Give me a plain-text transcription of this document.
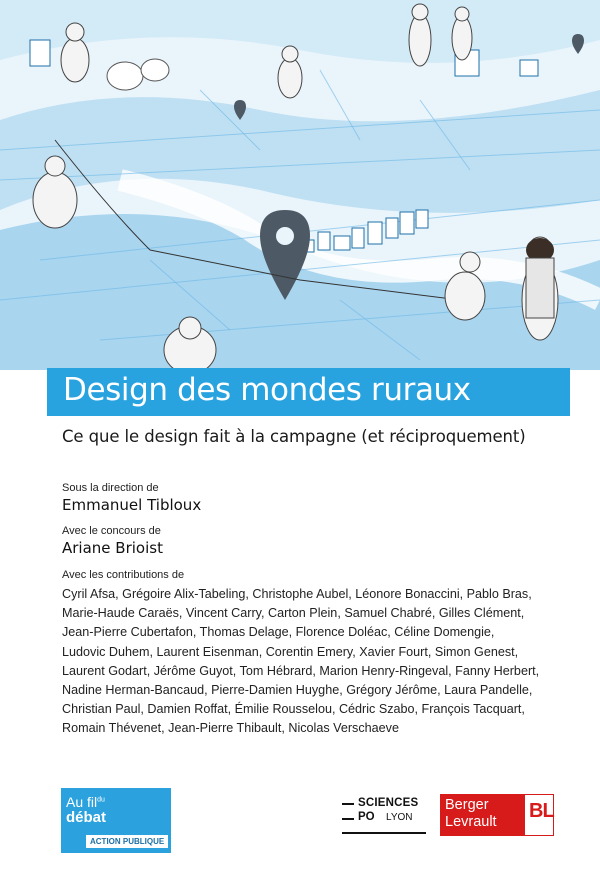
Design des mondes ruraux
Ce que le design fait à la campagne (et réciproquement)
Sous la direction de
Emmanuel Tibloux
Avec le concours de
Ariane Brioist
Avec les contributions de
Cyril Afsa, Grégoire Alix-Tabeling, Christophe Aubel, Léonore Bonaccini, Pablo Bras,
Marie-Haude Caraës, Vincent Carry, Carton Plein, Samuel Chabré, Gilles Clément,
Jean-Pierre Cubertafon, Thomas Delage, Florence Doléac, Céline Domengie,
Ludovic Duhem, Laurent Eisenman, Corentin Emery, Xavier Fourt, Simon Genest,
Laurent Godart, Jérôme Guyot, Tom Hébrard, Marion Henry-Ringeval, Fanny Herbert,
Nadine Herman-Bancaud, Pierre-Damien Huyghe, Grégory Jérôme, Laura Pandelle,
Christian Paul, Damien Roffat, Émilie Rousselou, Cédric Szabo, François Tacquart,
Romain Thévenet, Jean-Pierre Thibault, Nicolas Verschaeve
Au fil$^{du}$
débat
ACTION PUBLIQUE
SCIENCES
PO LYON
Berger
Levrault BL
